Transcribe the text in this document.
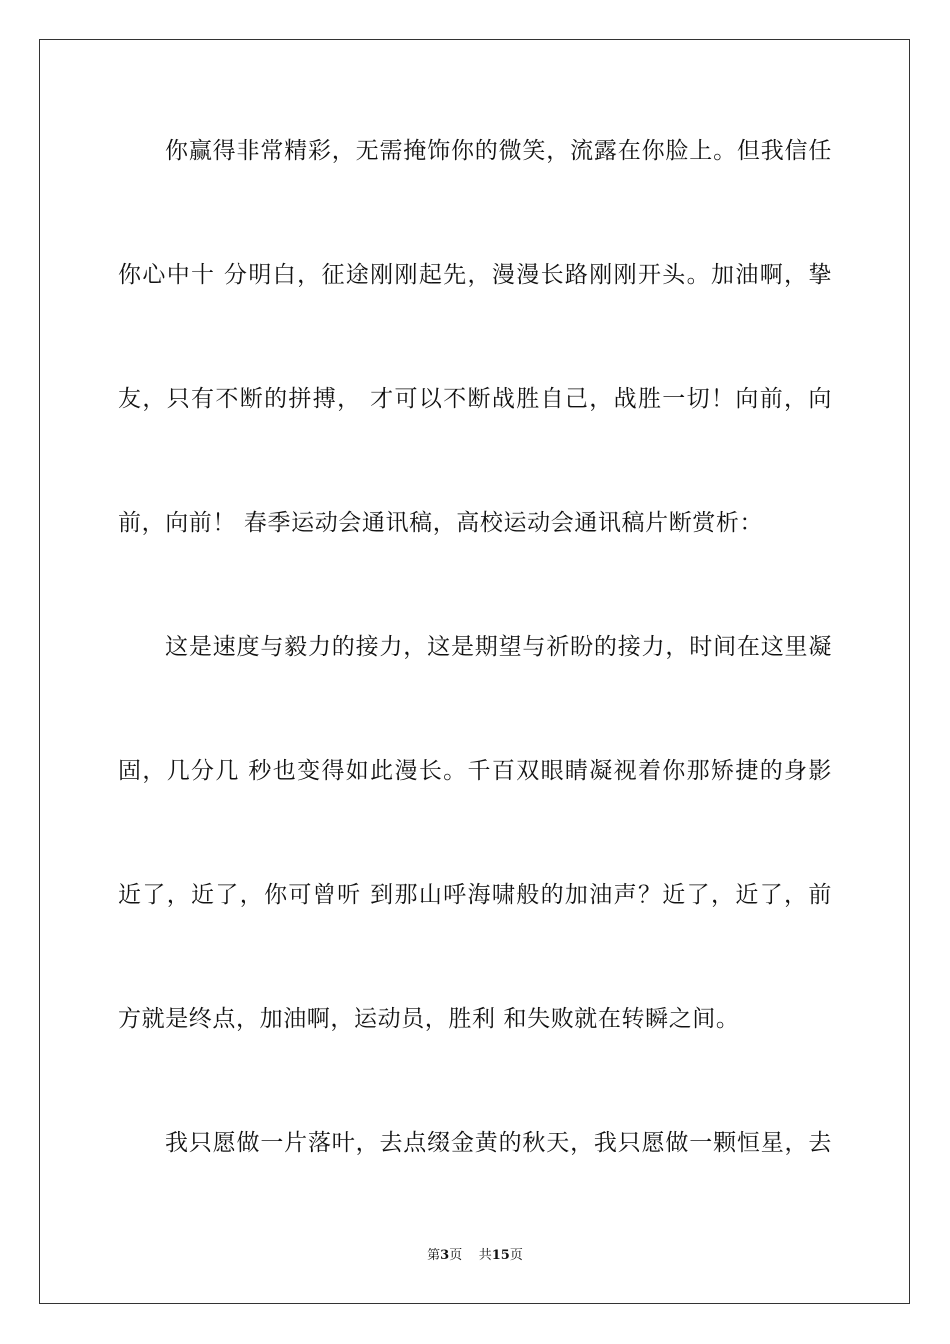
你赢得非常精彩，无需掩饰你的微笑，流露在你脸上。但我信任
你心中十 分明白，征途刚刚起先，漫漫长路刚刚开头。加油啊，挚
友，只有不断的拼搏， 才可以不断战胜自己，战胜一切！向前，向
前，向前！ 春季运动会通讯稿，高校运动会通讯稿片断赏析：
这是速度与毅力的接力，这是期望与祈盼的接力，时间在这里凝
固，几分几 秒也变得如此漫长。千百双眼睛凝视着你那矫捷的身影
近了，近了，你可曾听 到那山呼海啸般的加油声？近了，近了，前
方就是终点，加油啊，运动员，胜利 和失败就在转瞬之间。
我只愿做一片落叶，去点缀金黄的秋天，我只愿做一颗恒星，去
第3页 共15页
